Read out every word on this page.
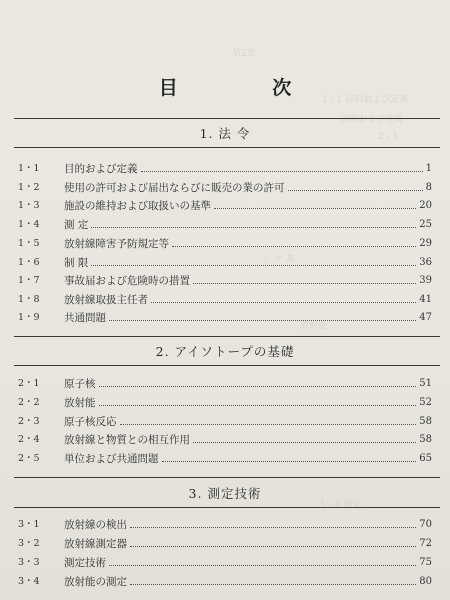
第2章
1 - 1 目的および定義
目的および定義
2 - 1
放射能
ジ ア 基
1・4 測定
目 次
1. 法 令
1・1	目的および定義	1
1・2	使用の許可および届出ならびに販売の業の許可	8
1・3	施設の維持および取扱いの基準	20
1・4	測 定	25
1・5	放射線障害予防規定等	29
1・6	制 限	36
1・7	事故届および危険時の措置	39
1・8	放射線取扱主任者	41
1・9	共通問題	47
2. アイソトープの基礎
2・1	原子核	51
2・2	放射能	52
2・3	原子核反応	58
2・4	放射線と物質との相互作用	58
2・5	単位および共通問題	65
3. 測定技術
3・1	放射線の検出	70
3・2	放射線測定器	72
3・3	測定技術	75
3・4	放射能の測定	80
